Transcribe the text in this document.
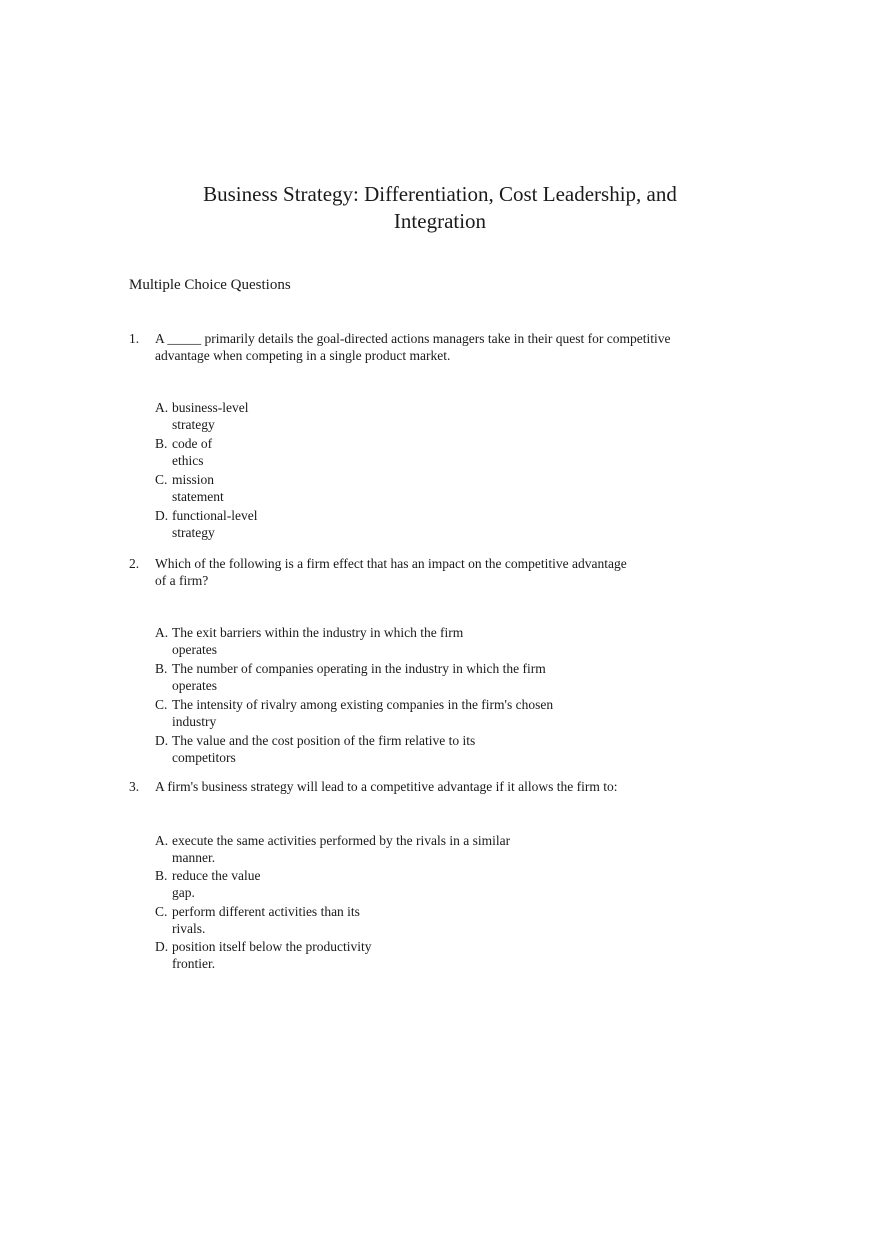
Business Strategy: Differentiation, Cost Leadership, and
Integration
Multiple Choice Questions
1. A _____ primarily details the goal-directed actions managers take in their quest for competitive advantage when competing in a single product market.
A. business-level strategy
B. code of ethics
C. mission statement
D. functional-level strategy
2. Which of the following is a firm effect that has an impact on the competitive advantage of a firm?
A. The exit barriers within the industry in which the firm operates
B. The number of companies operating in the industry in which the firm operates
C. The intensity of rivalry among existing companies in the firm's chosen industry
D. The value and the cost position of the firm relative to its competitors
3. A firm's business strategy will lead to a competitive advantage if it allows the firm to:
A. execute the same activities performed by the rivals in a similar manner.
B. reduce the value gap.
C. perform different activities than its rivals.
D. position itself below the productivity frontier.
